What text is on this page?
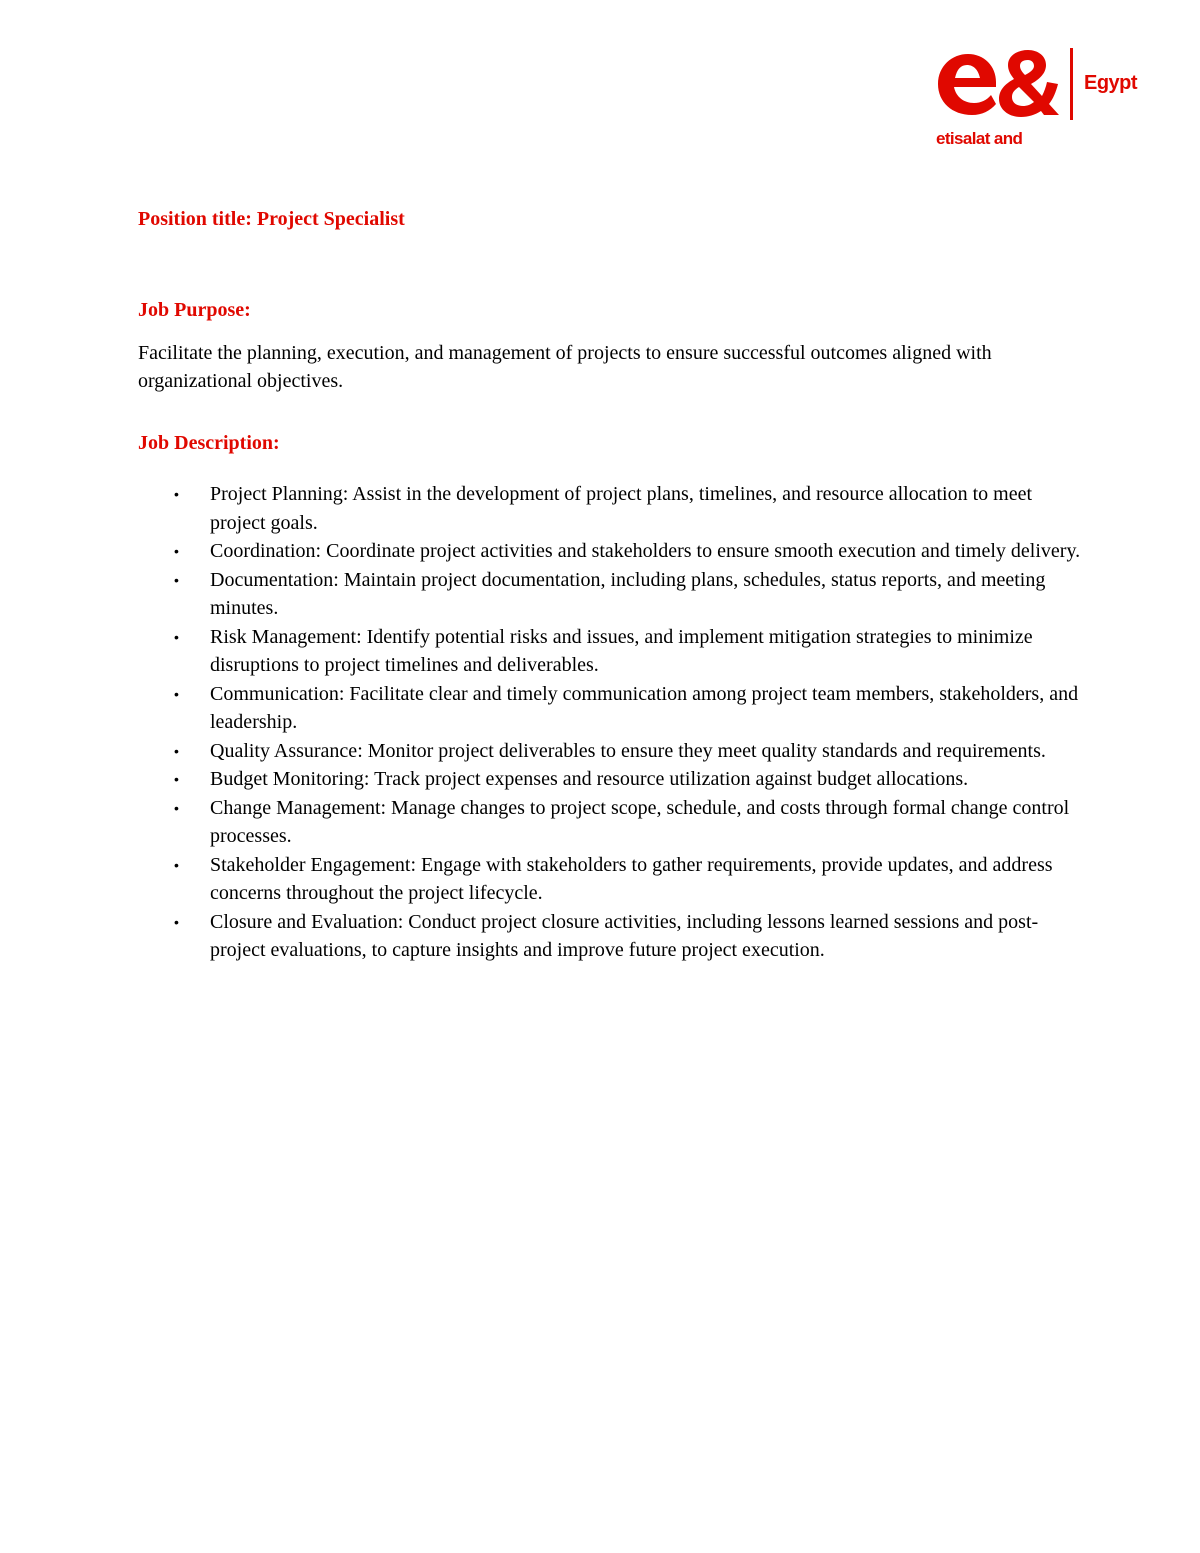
Egypt
etisalat and
Position title: Project Specialist
Job Purpose:

Facilitate the planning, execution, and management of projects to ensure successful outcomes aligned with organizational objectives.

Job Description:
• Project Planning: Assist in the development of project plans, timelines, and resource allocation to meet project goals.
• Coordination: Coordinate project activities and stakeholders to ensure smooth execution and timely delivery.
• Documentation: Maintain project documentation, including plans, schedules, status reports, and meeting minutes.
• Risk Management: Identify potential risks and issues, and implement mitigation strategies to minimize disruptions to project timelines and deliverables.
• Communication: Facilitate clear and timely communication among project team members, stakeholders, and leadership.
• Quality Assurance: Monitor project deliverables to ensure they meet quality standards and requirements.
• Budget Monitoring: Track project expenses and resource utilization against budget allocations.
• Change Management: Manage changes to project scope, schedule, and costs through formal change control processes.
• Stakeholder Engagement: Engage with stakeholders to gather requirements, provide updates, and address concerns throughout the project lifecycle.
• Closure and Evaluation: Conduct project closure activities, including lessons learned sessions and post-project evaluations, to capture insights and improve future project execution.
